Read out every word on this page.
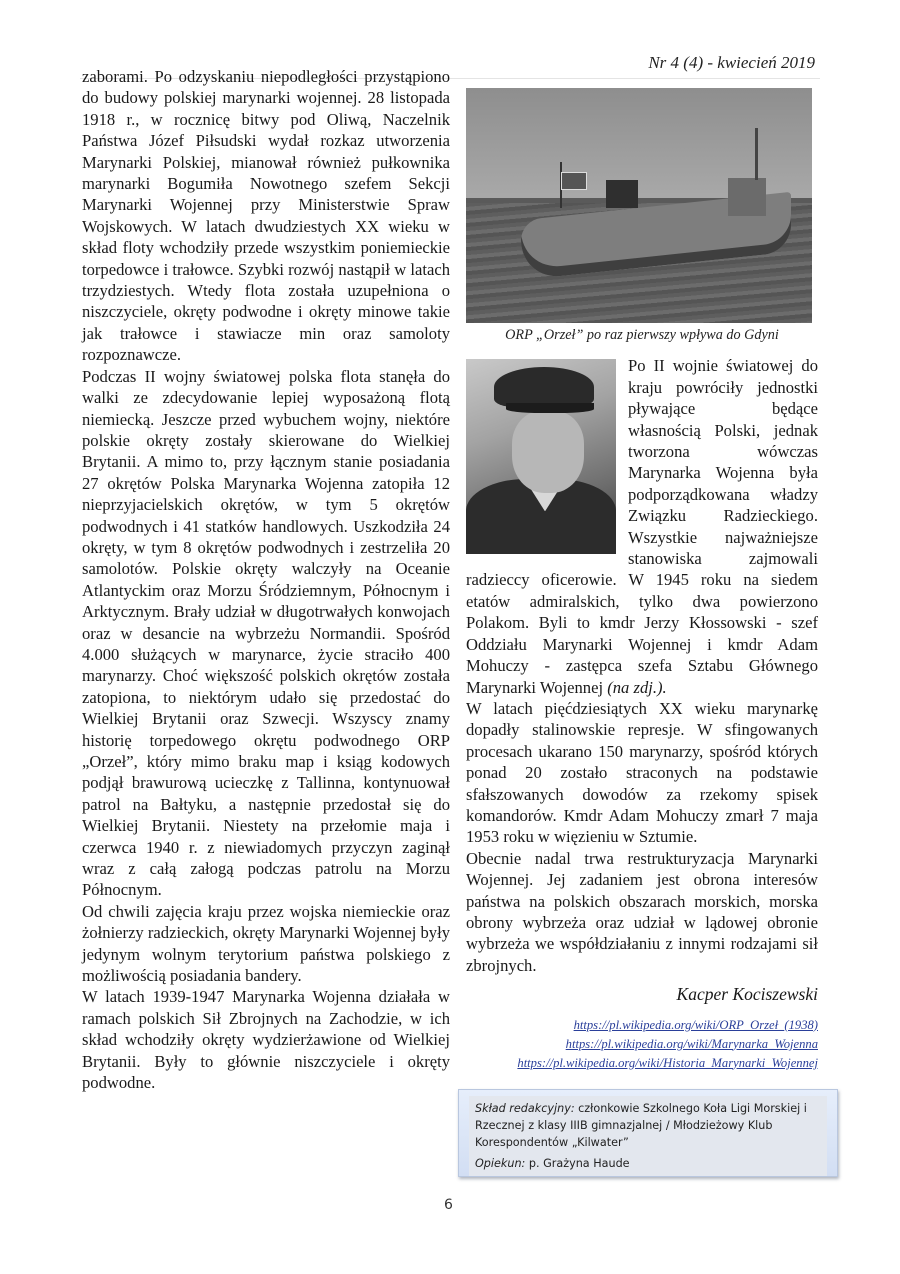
Nr 4 (4) - kwiecień 2019

zaborami. Po odzyskaniu niepodległości przystąpiono do budowy polskiej marynarki wojennej. 28 listopada 1918 r., w rocznicę bitwy pod Oliwą, Naczelnik Państwa Józef Piłsudski wydał rozkaz utworzenia Marynarki Polskiej, mianował również pułkownika marynarki Bogumiła Nowotnego szefem Sekcji Marynarki Wojennej przy Ministerstwie Spraw Wojskowych. W latach dwudziestych XX wieku w skład floty wchodziły przede wszystkim poniemieckie torpedowce i trałowce. Szybki rozwój nastąpił w latach trzydziestych. Wtedy flota została uzupełniona o niszczyciele, okręty podwodne i okręty minowe takie jak trałowce i stawiacze min oraz samoloty rozpoznawcze.

Podczas II wojny światowej polska flota stanęła do walki ze zdecydowanie lepiej wyposażoną flotą niemiecką. Jeszcze przed wybuchem wojny, niektóre polskie okręty zostały skierowane do Wielkiej Brytanii. A mimo to, przy łącznym stanie posiadania 27 okrętów Polska Marynarka Wojenna zatopiła 12 nieprzyjacielskich okrętów, w tym 5 okrętów podwodnych i 41 statków handlowych. Uszkodziła 24 okręty, w tym 8 okrętów podwodnych i zestrzeliła 20 samolotów. Polskie okręty walczyły na Oceanie Atlantyckim oraz Morzu Śródziemnym, Północnym i Arktycznym. Brały udział w długotrwałych konwojach oraz w desancie na wybrzeżu Normandii. Spośród 4.000 służących w marynarce, życie straciło 400 marynarzy. Choć większość polskich okrętów została zatopiona, to niektórym udało się przedostać do Wielkiej Brytanii oraz Szwecji. Wszyscy znamy historię torpedowego okrętu podwodnego ORP „Orzeł”, który mimo braku map i ksiąg kodowych podjął brawurową ucieczkę z Tallinna, kontynuował patrol na Bałtyku, a następnie przedostał się do Wielkiej Brytanii. Niestety na przełomie maja i czerwca 1940 r. z niewiadomych przyczyn zaginął wraz z całą załogą podczas patrolu na Morzu Północnym.

Od chwili zajęcia kraju przez wojska niemieckie oraz żołnierzy radzieckich, okręty Marynarki Wojennej były jedynym wolnym terytorium państwa polskiego z możliwością posiadania bandery.

W latach 1939-1947 Marynarka Wojenna działała w ramach polskich Sił Zbrojnych na Zachodzie, w ich skład wchodziły okręty wydzierżawione od Wielkiej Brytanii. Były to głównie niszczyciele i okręty podwodne.

ORP „Orzeł” po raz pierwszy wpływa do Gdyni

Po II wojnie światowej do kraju powróciły jednostki pływające będące własnością Polski, jednak tworzona wówczas Marynarka Wojenna była podporządkowana władzy Związku Radzieckiego. Wszystkie najważniejsze stanowiska zajmowali radzieccy oficerowie. W 1945 roku na siedem etatów admiralskich, tylko dwa powierzono Polakom. Byli to kmdr Jerzy Kłossowski - szef Oddziału Marynarki Wojennej i kmdr Adam Mohuczy - zastępca szefa Sztabu Głównego Marynarki Wojennej (na zdj.).

W latach pięćdziesiątych XX wieku marynarkę dopadły stalinowskie represje. W sfingowanych procesach ukarano 150 marynarzy, spośród których ponad 20 zostało straconych na podstawie sfałszowanych dowodów za rzekomy spisek komandorów. Kmdr Adam Mohuczy zmarł 7 maja 1953 roku w więzieniu w Sztumie.

Obecnie nadal trwa restrukturyzacja Marynarki Wojennej. Jej zadaniem jest obrona interesów państwa na polskich obszarach morskich, morska obrony wybrzeża oraz udział w lądowej obronie wybrzeża we współdziałaniu z innymi rodzajami sił zbrojnych.

Kacper Kociszewski
https://pl.wikipedia.org/wiki/ORP_Orzeł_(1938)
https://pl.wikipedia.org/wiki/Marynarka_Wojenna
https://pl.wikipedia.org/wiki/Historia_Marynarki_Wojennej

Skład redakcyjny: członkowie Szkolnego Koła Ligi Morskiej i Rzecznej z klasy IIIB gimnazjalnej / Młodzieżowy Klub Korespondentów „Kilwater”

Opiekun: p. Grażyna Haude

6
